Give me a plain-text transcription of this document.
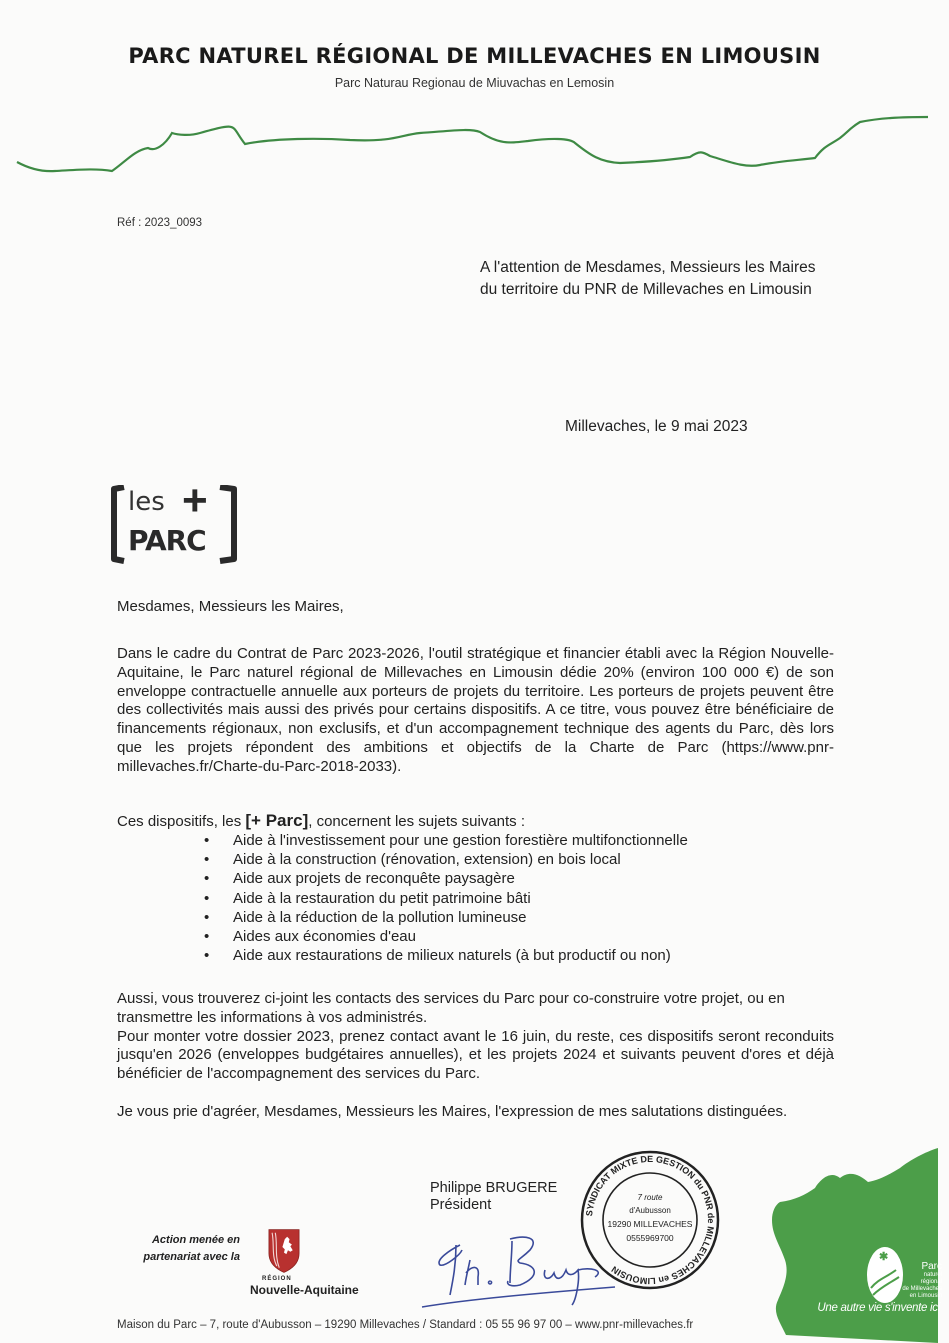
PARC NATUREL RÉGIONAL DE MILLEVACHES EN LIMOUSIN
Parc Naturau Regionau de Miuvachas en Lemosin
Réf : 2023_0093
A l'attention de Mesdames, Messieurs les Maires
du territoire du PNR de Millevaches en Limousin
Millevaches, le 9 mai 2023
les +
PARC
Mesdames, Messieurs les Maires,
Dans le cadre du Contrat de Parc 2023-2026, l'outil stratégique et financier établi avec la Région Nouvelle-Aquitaine, le Parc naturel régional de Millevaches en Limousin dédie 20% (environ 100 000 €) de son enveloppe contractuelle annuelle aux porteurs de projets du territoire. Les porteurs de projets peuvent être des collectivités mais aussi des privés pour certains dispositifs. A ce titre, vous pouvez être bénéficiaire de financements régionaux, non exclusifs, et d'un accompagnement technique des agents du Parc, dès lors que les projets répondent des ambitions et objectifs de la Charte de Parc (https://www.pnr-millevaches.fr/Charte-du-Parc-2018-2033).
Ces dispositifs, les [+ Parc], concernent les sujets suivants :
• Aide à l'investissement pour une gestion forestière multifonctionnelle
• Aide à la construction (rénovation, extension) en bois local
• Aide aux projets de reconquête paysagère
• Aide à la restauration du petit patrimoine bâti
• Aide à la réduction de la pollution lumineuse
• Aides aux économies d'eau
• Aide aux restaurations de milieux naturels (à but productif ou non)
Aussi, vous trouverez ci-joint les contacts des services du Parc pour co-construire votre projet, ou en transmettre les informations à vos administrés.
Pour monter votre dossier 2023, prenez contact avant le 16 juin, du reste, ces dispositifs seront reconduits jusqu'en 2026 (enveloppes budgétaires annuelles), et les projets 2024 et suivants peuvent d'ores et déjà bénéficier de l'accompagnement des services du Parc.
Je vous prie d'agréer, Mesdames, Messieurs les Maires, l'expression de mes salutations distinguées.
SYNDICAT MIXTE DE GESTION du PNR de MILLEVACHES en LIMOUSIN
7 route
d'Aubusson
19290 MILLEVACHES
0555969700
Philippe BRUGERE
Président
Action menée en partenariat avec la
RÉGION
Nouvelle-Aquitaine
✱
Parc
naturel
régional
de Millevaches
en Limousin
Une autre vie s'invente ici
Maison du Parc – 7, route d'Aubusson – 19290 Millevaches / Standard : 05 55 96 97 00 – www.pnr-millevaches.fr
